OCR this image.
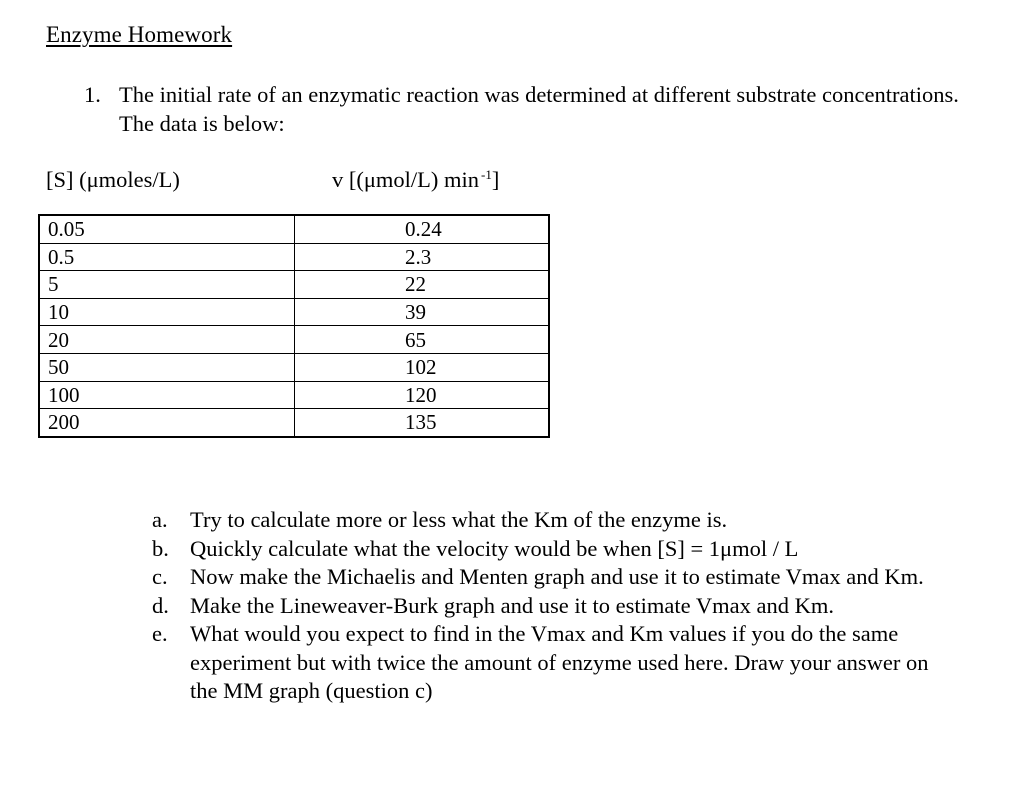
Enzyme Homework
1. The initial rate of an enzymatic reaction was determined at different substrate concentrations. The data is below:
[S] (μmoles/L)	v [(μmol/L) min $^{-1}$]
0.05	0.24
0.5	2.3
5	22
10	39
20	65
50	102
100	120
200	135
a. Try to calculate more or less what the Km of the enzyme is.
b. Quickly calculate what the velocity would be when [S] = 1μmol / L
c. Now make the Michaelis and Menten graph and use it to estimate Vmax and Km.
d. Make the Lineweaver-Burk graph and use it to estimate Vmax and Km.
e. What would you expect to find in the Vmax and Km values if you do the same experiment but with twice the amount of enzyme used here. Draw your answer on the MM graph (question c)
